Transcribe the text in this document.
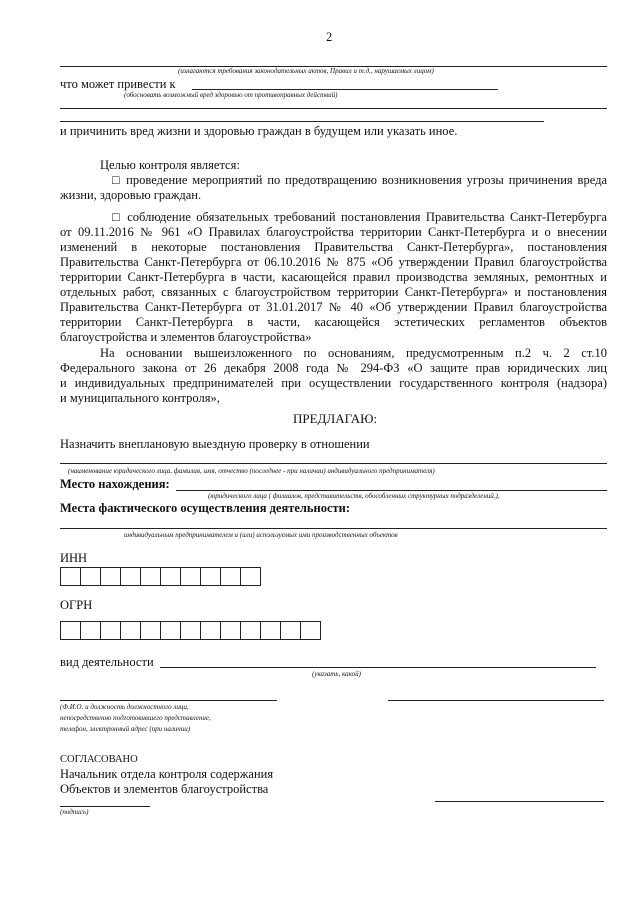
2
(излагаются требования законодательных актов, Правил и т.д., нарушаемых лицом)
что может привести к
(обосновать возможный вред здоровью от противоправных действий)
и причинить вред жизни и здоровью граждан в будущем или указать иное.
Целью контроля является:
□ проведение мероприятий по предотвращению возникновения угрозы причинения вреда
жизни, здоровью граждан.
□ соблюдение обязательных требований постановления Правительства Санкт-Петербурга
от 09.11.2016 № 961 «О Правилах благоустройства территории Санкт-Петербурга и о внесении
изменений в некоторые постановления Правительства Санкт-Петербурга», постановления
Правительства Санкт-Петербурга от 06.10.2016 № 875 «Об утверждении Правил благоустройства
территории Санкт-Петербурга в части, касающейся правил производства земляных, ремонтных и
отдельных работ, связанных с благоустройством территории Санкт-Петербурга» и постановления
Правительства Санкт-Петербурга от 31.01.2017 № 40 «Об утверждении Правил благоустройства
территории Санкт-Петербурга в части, касающейся эстетических регламентов объектов
благоустройства и элементов благоустройства»
На основании вышеизложенного по основаниям, предусмотренным п.2 ч. 2 ст.10
Федерального закона от 26 декабря 2008 года № 294-ФЗ «О защите прав юридических лиц
и индивидуальных предпринимателей при осуществлении государственного контроля (надзора)
и муниципального контроля»,
ПРЕДЛАГАЮ:
Назначить внеплановую выездную проверку в отношении
(наименование юридического лица, фамилия, имя, отчество (последнее - при наличии) индивидуального предпринимателя)
Место нахождения:
(юридического лица ( филиалов, представительств, обособленных структурных подразделений,),
Места фактического осуществления деятельности:
индивидуальным предпринимателем и (или) используемых ими производственных объектов
ИНН
ОГРН
вид деятельности
(указать, какой)
(Ф.И.О. и должность должностного лица,
непосредственно подготовившего представление,
телефон, электронный адрес (при наличии)
СОГЛАСОВАНО
Начальник отдела контроля содержания
Объектов и элементов благоустройства
(подпись)
